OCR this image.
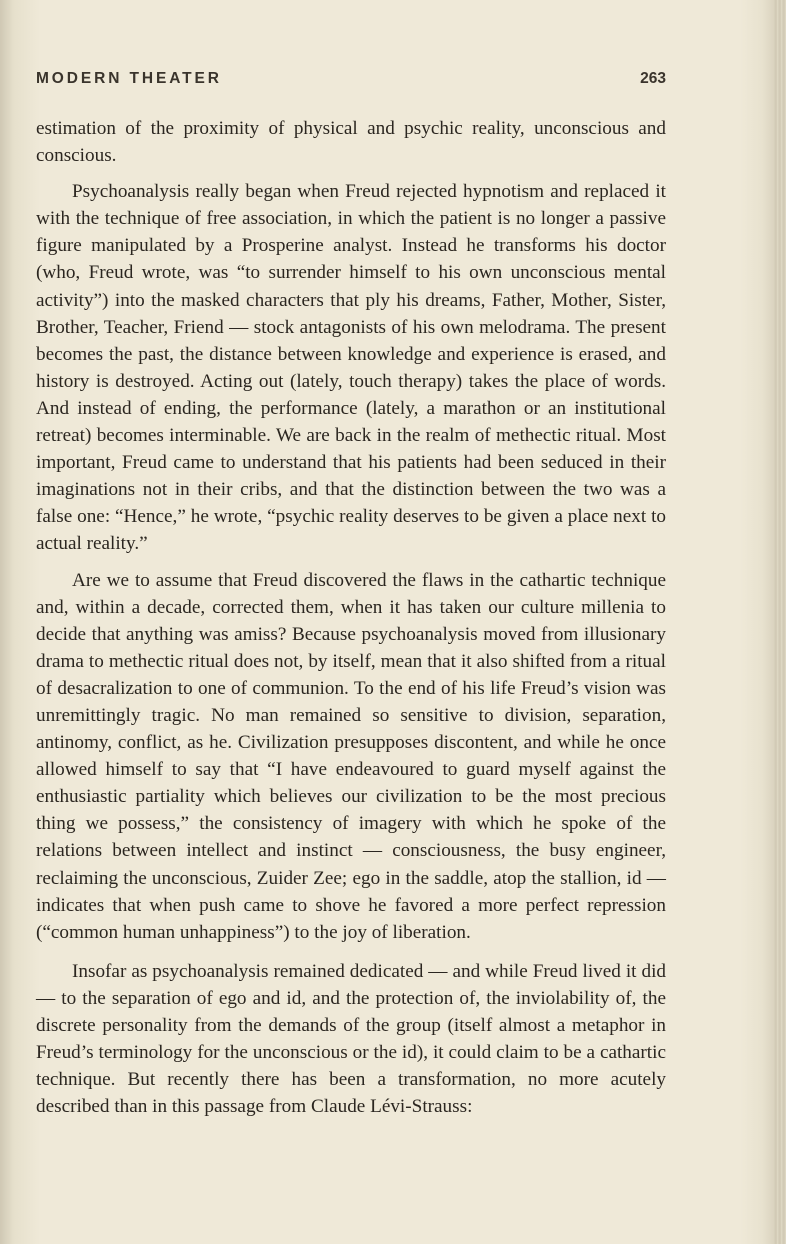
MODERN THEATER	263

estimation of the proximity of physical and psychic reality, unconscious and conscious.

Psychoanalysis really began when Freud rejected hypnotism and replaced it with the technique of free association, in which the patient is no longer a passive figure manipulated by a Prosperine analyst. Instead he transforms his doctor (who, Freud wrote, was “to surrender himself to his own unconscious mental activity”) into the masked characters that ply his dreams, Father, Mother, Sister, Brother, Teacher, Friend — stock antagonists of his own melodrama. The present becomes the past, the distance between knowledge and experience is erased, and history is destroyed. Acting out (lately, touch therapy) takes the place of words. And instead of ending, the performance (lately, a marathon or an institutional retreat) becomes interminable. We are back in the realm of methectic ritual. Most important, Freud came to understand that his patients had been seduced in their imaginations not in their cribs, and that the distinction between the two was a false one: “Hence,” he wrote, “psychic reality deserves to be given a place next to actual reality.”

Are we to assume that Freud discovered the flaws in the cathartic technique and, within a decade, corrected them, when it has taken our culture millenia to decide that anything was amiss? Because psychoanalysis moved from illusionary drama to methectic ritual does not, by itself, mean that it also shifted from a ritual of desacralization to one of communion. To the end of his life Freud’s vision was unremittingly tragic. No man remained so sensitive to division, separation, antinomy, conflict, as he. Civilization presupposes discontent, and while he once allowed himself to say that “I have endeavoured to guard myself against the enthusiastic partiality which believes our civilization to be the most precious thing we possess,” the consistency of imagery with which he spoke of the relations between intellect and instinct — consciousness, the busy engineer, reclaiming the unconscious, Zuider Zee; ego in the saddle, atop the stallion, id — indicates that when push came to shove he favored a more perfect repression (“common human unhappiness”) to the joy of liberation.

Insofar as psychoanalysis remained dedicated — and while Freud lived it did — to the separation of ego and id, and the protection of, the inviolability of, the discrete personality from the demands of the group (itself almost a metaphor in Freud’s terminology for the unconscious or the id), it could claim to be a cathartic technique. But recently there has been a transformation, no more acutely described than in this passage from Claude Lévi-Strauss:
